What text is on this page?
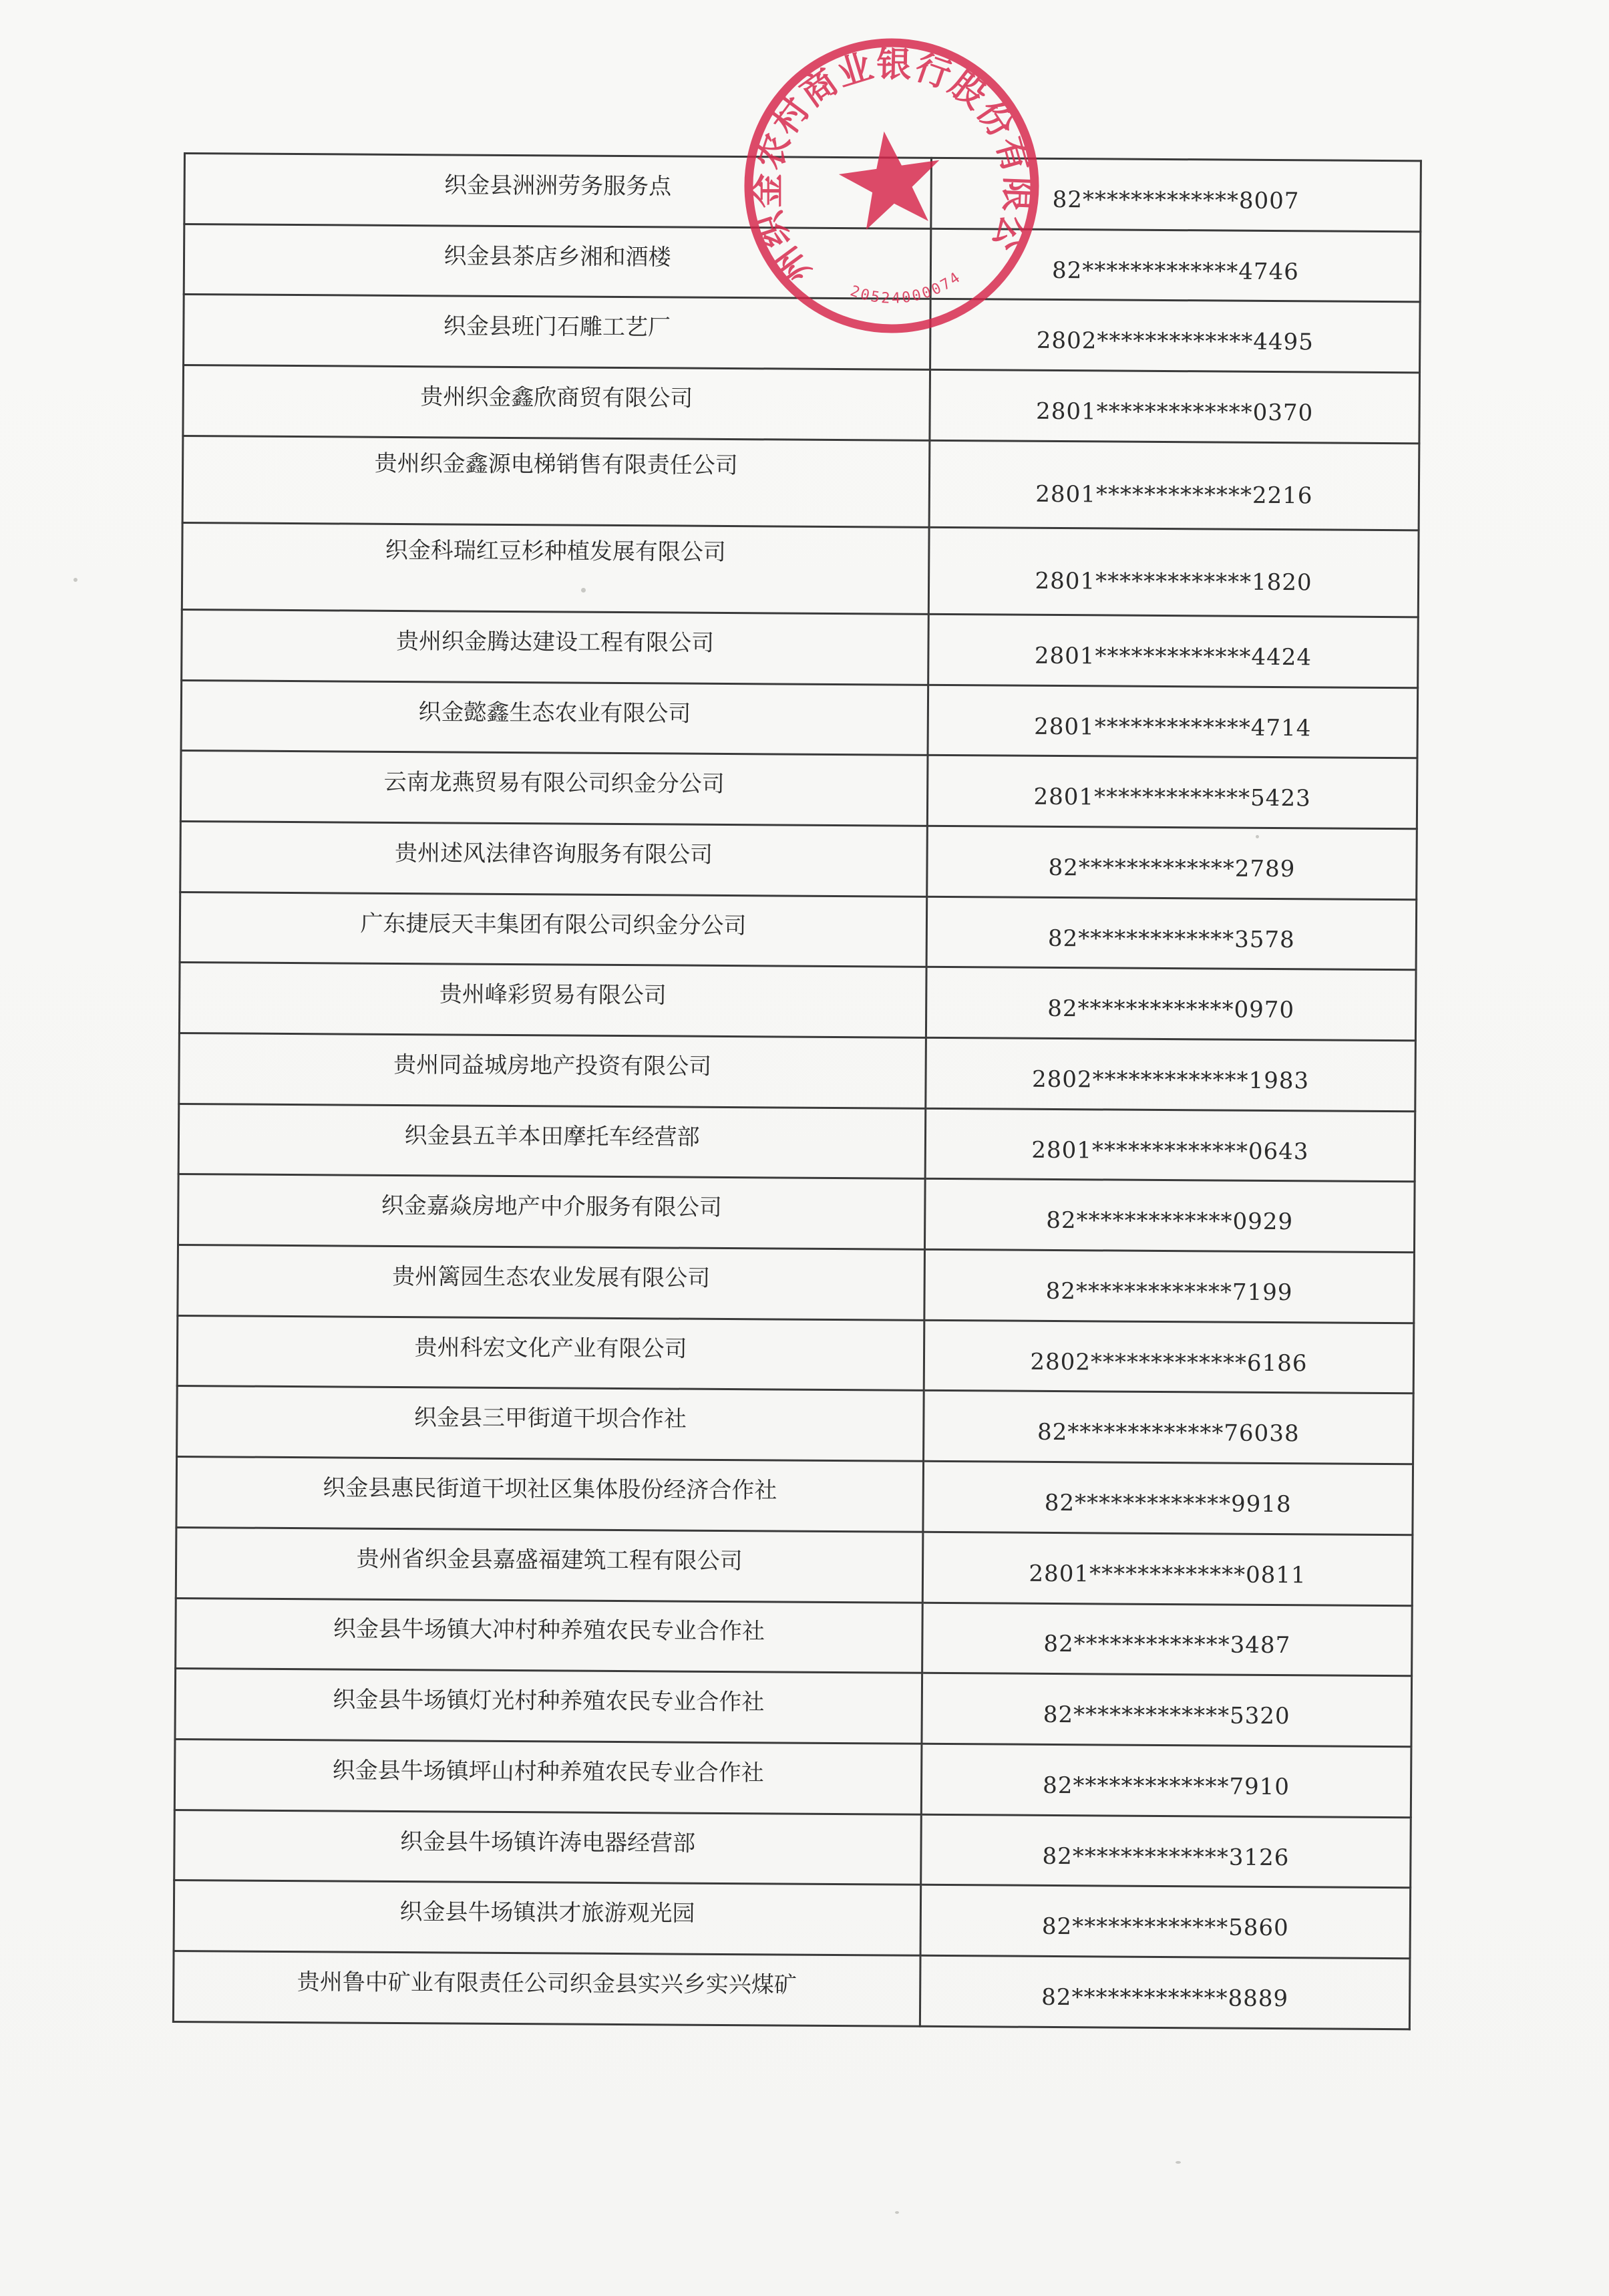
织金县洲洲劳务服务点	82*************8007
织金县茶店乡湘和酒楼	82*************4746
织金县班门石雕工艺厂	2802*************4495
贵州织金鑫欣商贸有限公司	2801*************0370
贵州织金鑫源电梯销售有限责任公司	2801*************2216
织金科瑞红豆杉种植发展有限公司	2801*************1820
贵州织金腾达建设工程有限公司	2801*************4424
织金懿鑫生态农业有限公司	2801*************4714
云南龙燕贸易有限公司织金分公司	2801*************5423
贵州述风法律咨询服务有限公司	82*************2789
广东捷辰天丰集团有限公司织金分公司	82*************3578
贵州峰彩贸易有限公司	82*************0970
贵州同益城房地产投资有限公司	2802*************1983
织金县五羊本田摩托车经营部	2801*************0643
织金嘉焱房地产中介服务有限公司	82*************0929
贵州篱园生态农业发展有限公司	82*************7199
贵州科宏文化产业有限公司	2802*************6186
织金县三甲街道干坝合作社	82*************76038
织金县惠民街道干坝社区集体股份经济合作社	82*************9918
贵州省织金县嘉盛福建筑工程有限公司	2801*************0811
织金县牛场镇大冲村种养殖农民专业合作社	82*************3487
织金县牛场镇灯光村种养殖农民专业合作社	82*************5320
织金县牛场镇坪山村种养殖农民专业合作社	82*************7910
织金县牛场镇许涛电器经营部	82*************3126
织金县牛场镇洪才旅游观光园	82*************5860
贵州鲁中矿业有限责任公司织金县实兴乡实兴煤矿	82*************8889
贵州织金农村商业银行股份有限公司
5205240000740
